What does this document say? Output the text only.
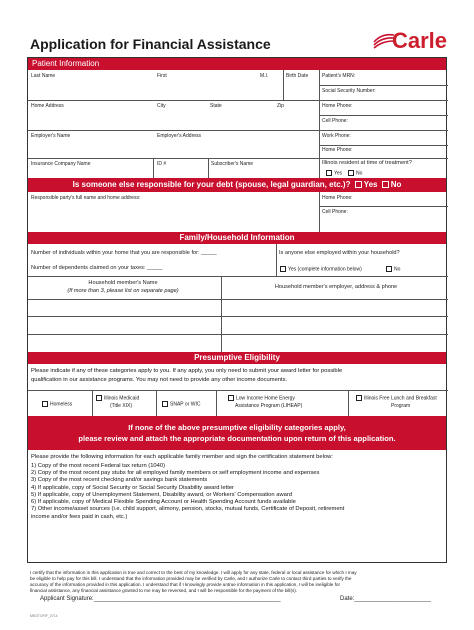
Application for Financial Assistance	Carle
Patient Information
Last Name	First	M.I.	Birth Date	Patient's MRN:
Social Security Number:
Home Address	City	State	Zip	Home Phone:
Cell Phone:
Employer's Name	Employer's Address	Work Phone:
Home Phone:
Insurance Company Name	ID #	Subscriber's Name	Illinois resident at time of treatment?
Yes	No
Is someone else responsible for your debt (spouse, legal guardian, etc.)? Yes No
Responsible party's full name and home address:	Home Phone:
Cell Phone:
Family/Household Information
Number of individuals within your home that you are responsible for: _____
Number of dependents claimed on your taxes: _____
Is anyone else employed within your household?
Yes (complete information below)	No
Household member's Name
(If more than 3, please list on separate page)
Household member's employer, address & phone
Presumptive Eligibility
Please indicate if any of these categories apply to you. If any apply, you only need to submit your award letter for possible
qualification in our assistance programs. You may not need to provide any other income documents.
Homeless
Illinois Medicaid
(Title XIX)	SNAP or WIC
Low Income Home Energy
Assistance Program (LIHEAP)
Illinois Free Lunch and Breakfast
Program
If none of the above presumptive eligibility categories apply,
please review and attach the appropriate documentation upon return of this application.
Please provide the following information for each applicable family member and sign the certification statement below:
1) Copy of the most recent Federal tax return (1040)
2) Copy of the most recent pay stubs for all employed family members or self employment income and expenses
3) Copy of the most recent checking and/or savings bank statements
4) If applicable, copy of Social Security or Social Security Disability award letter
5) If applicable, copy of Unemployment Statement, Disability award, or Workers' Compensation award
6) If applicable, copy of Medical Flexible Spending Account or Health Spending Account funds available
7) Other income/asset sources (i.e. child support, alimony, pension, stocks, mutual funds, Certificate of Deposit, retirement
income and/or fees paid in cash, etc.)
I certify that the information in this application is true and correct to the best of my knowledge. I will apply for any state, federal or local assistance for which I may
be eligible to help pay for this bill. I understand that the information provided may be verified by Carle, and I authorize Carle to contact third parties to verify the
accuracy of the information provided in this application. I understand that if I knowingly provide untrue information in this application, I will be ineligible for
financial assistance, any financial assistance granted to me may be reversed, and I will be responsible for the payment of the bill(s).
Applicant Signature:________________________________________________________	Date:_______________________
MEDTOFIF_0714
